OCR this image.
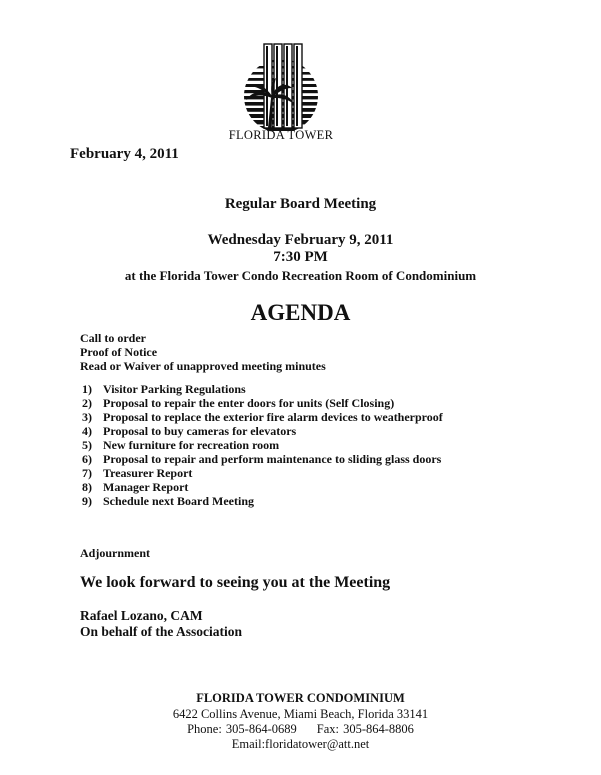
FLORIDA TOWER
February 4, 2011
Regular Board Meeting
Wednesday February 9, 2011
7:30 PM
at the Florida Tower Condo Recreation Room of Condominium
AGENDA
Call to order
Proof of Notice
Read or Waiver of unapproved meeting minutes
1) Visitor Parking Regulations
2) Proposal to repair the enter doors for units (Self Closing)
3) Proposal to replace the exterior fire alarm devices to weatherproof
4) Proposal to buy cameras for elevators
5) New furniture for recreation room
6) Proposal to repair and perform maintenance to sliding glass doors
7) Treasurer Report
8) Manager Report
9) Schedule next Board Meeting
Adjournment
We look forward to seeing you at the Meeting
Rafael Lozano, CAM
On behalf of the Association
FLORIDA TOWER CONDOMINIUM
6422 Collins Avenue, Miami Beach, Florida 33141
Phone: 305-864-0689 Fax: 305-864-8806
Email:floridatower@att.net
